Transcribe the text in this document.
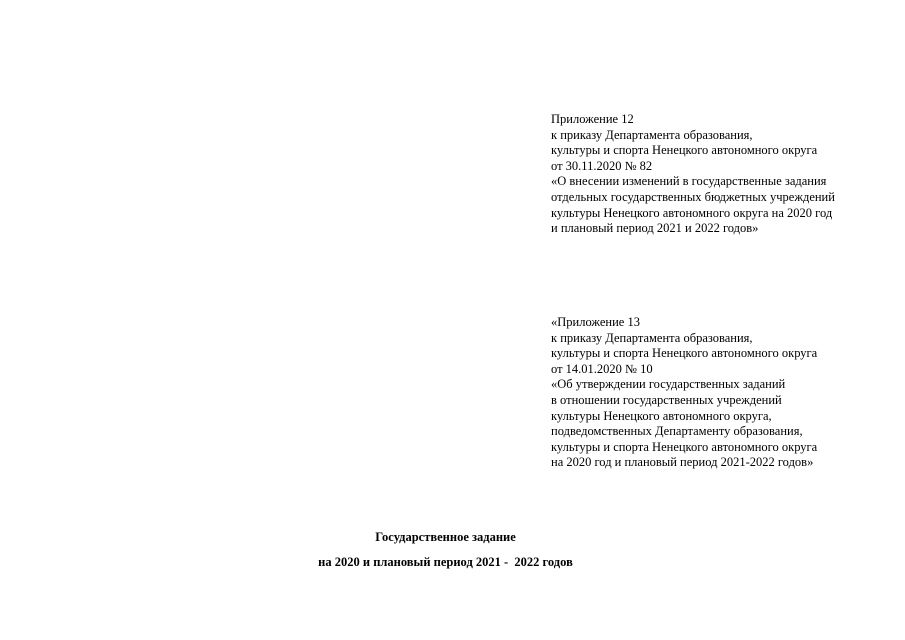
Приложение 12
к приказу Департамента образования,
культуры и спорта Ненецкого автономного округа
от 30.11.2020 № 82
«О внесении изменений в государственные задания
отдельных государственных бюджетных учреждений
культуры Ненецкого автономного округа на 2020 год
и плановый период 2021 и 2022 годов»
«Приложение 13
к приказу Департамента образования,
культуры и спорта Ненецкого автономного округа
от 14.01.2020 № 10
«Об утверждении государственных заданий
в отношении государственных учреждений
культуры Ненецкого автономного округа,
подведомственных Департаменту образования,
культуры и спорта Ненецкого автономного округа
на 2020 год и плановый период 2021-2022 годов»
Государственное задание
на 2020 и плановый период 2021 -  2022 годов
